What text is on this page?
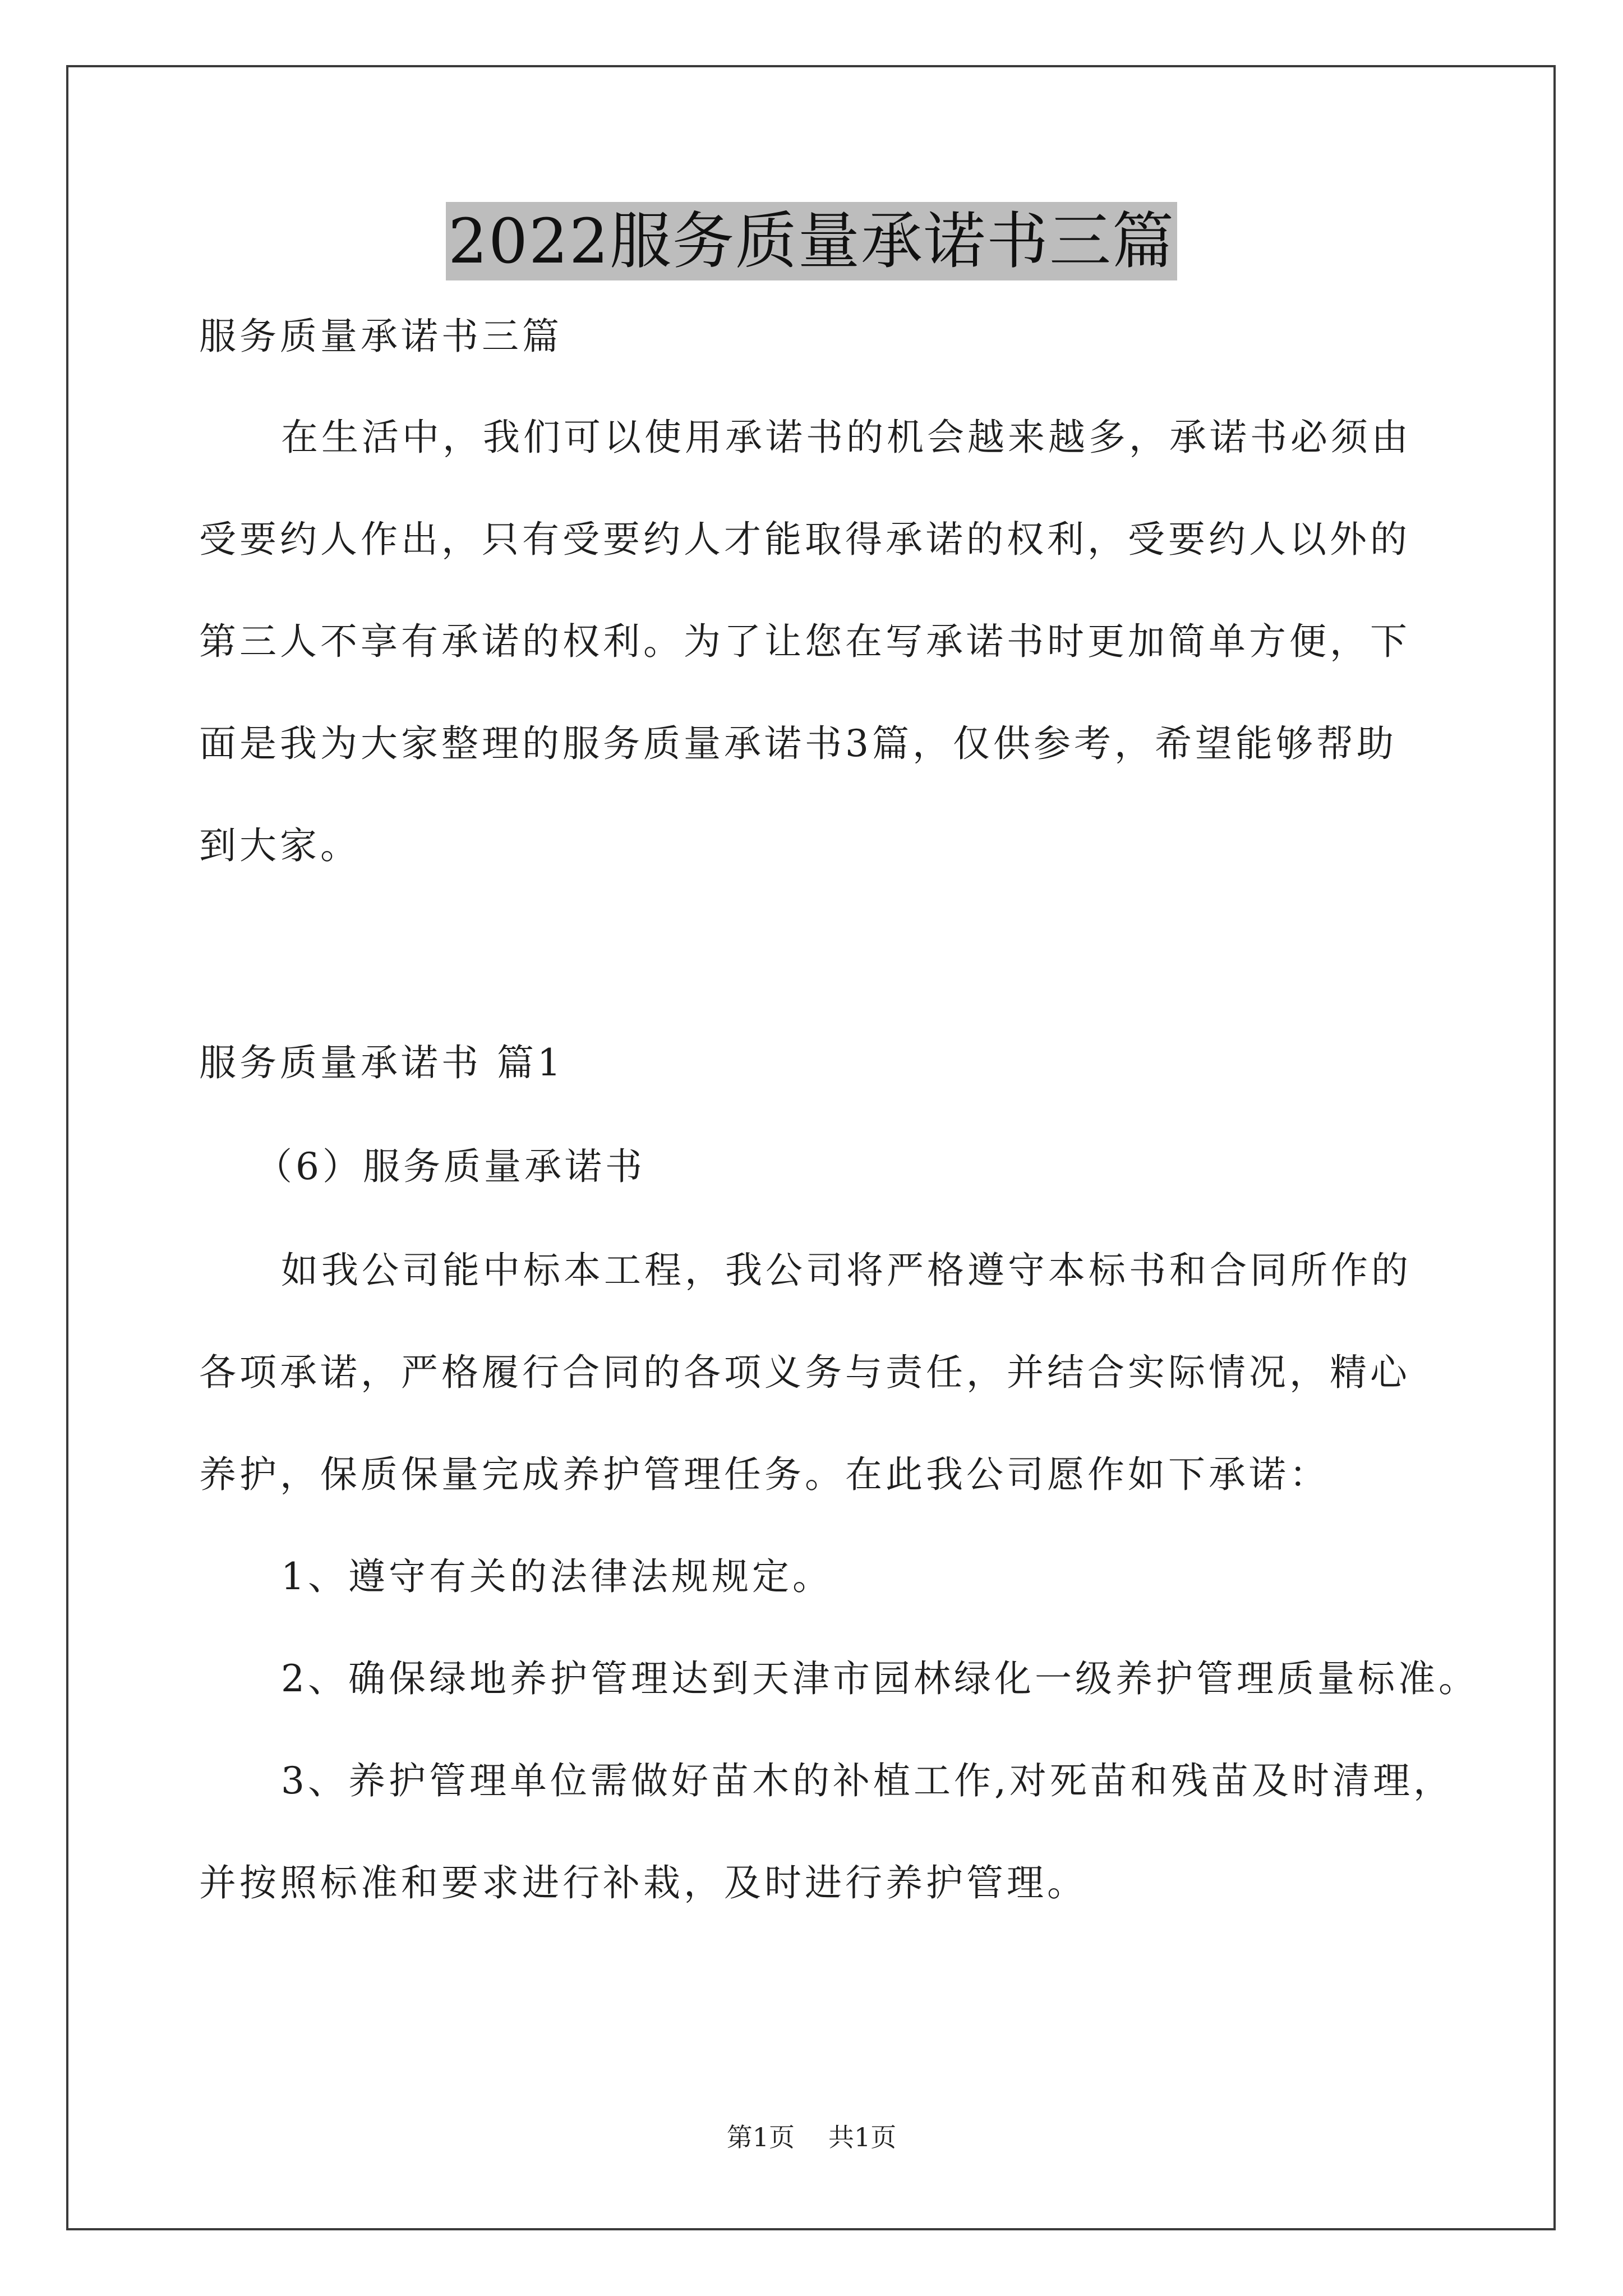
2022服务质量承诺书三篇
服务质量承诺书三篇
在生活中，我们可以使用承诺书的机会越来越多，承诺书必须由
受要约人作出，只有受要约人才能取得承诺的权利，受要约人以外的
第三人不享有承诺的权利。为了让您在写承诺书时更加简单方便，下
面是我为大家整理的服务质量承诺书3篇，仅供参考，希望能够帮助
到大家。
服务质量承诺书 篇1
（6）服务质量承诺书
如我公司能中标本工程，我公司将严格遵守本标书和合同所作的
各项承诺，严格履行合同的各项义务与责任，并结合实际情况，精心
养护，保质保量完成养护管理任务。在此我公司愿作如下承诺：
1、遵守有关的法律法规规定。
2、确保绿地养护管理达到天津市园林绿化一级养护管理质量标准。
3、养护管理单位需做好苗木的补植工作,对死苗和残苗及时清理，
并按照标准和要求进行补栽，及时进行养护管理。
第1页 共1页
